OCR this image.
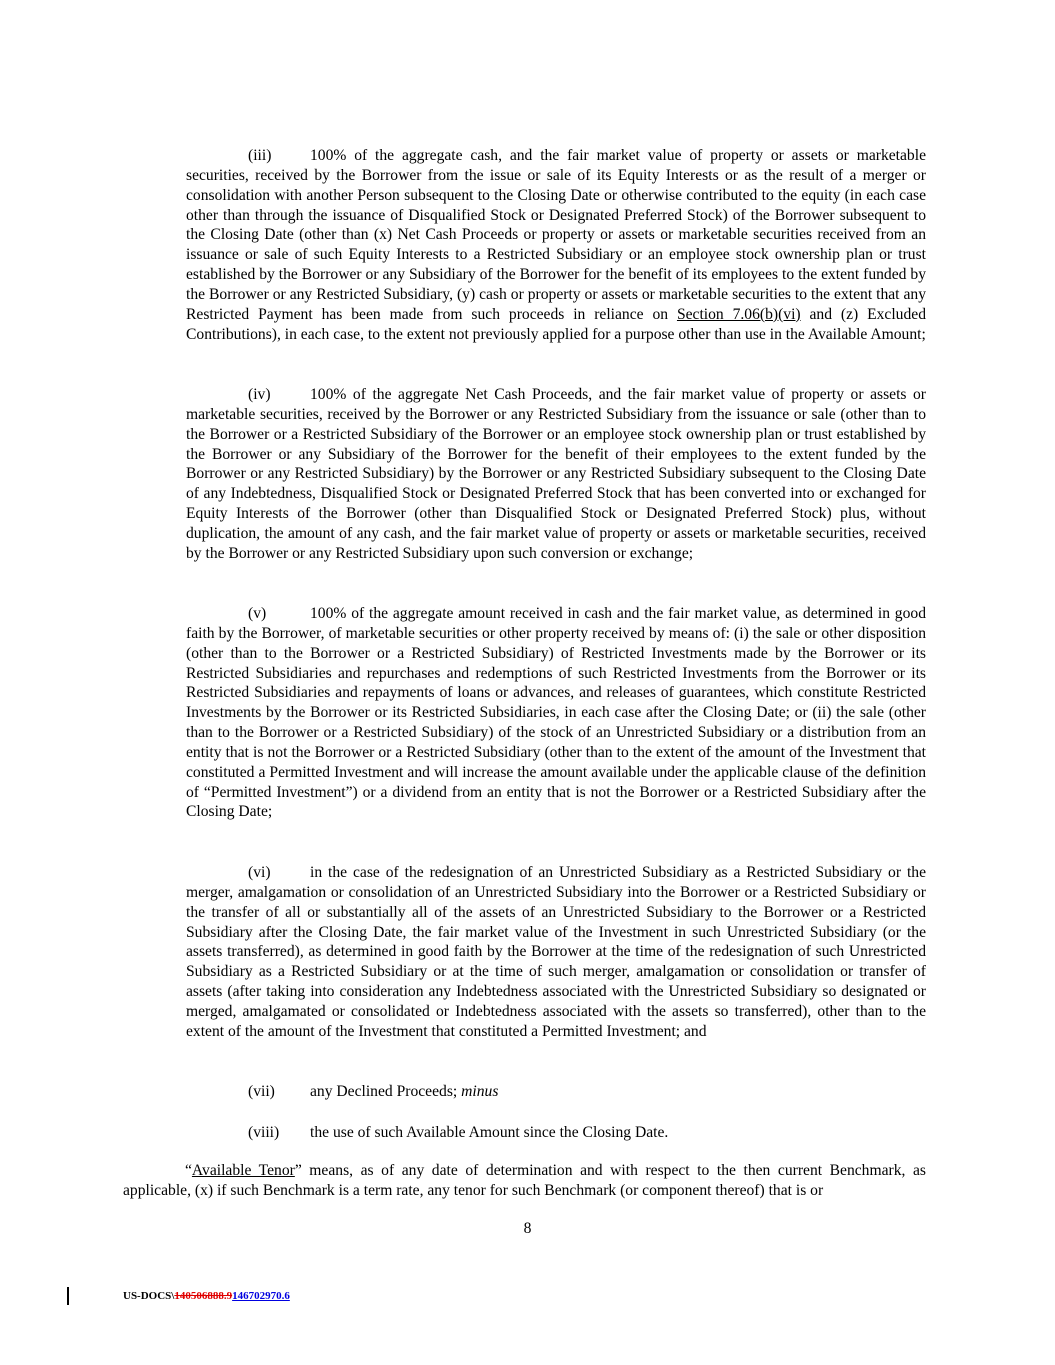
(iii) 100% of the aggregate cash, and the fair market value of property or assets or marketable securities, received by the Borrower from the issue or sale of its Equity Interests or as the result of a merger or consolidation with another Person subsequent to the Closing Date or otherwise contributed to the equity (in each case other than through the issuance of Disqualified Stock or Designated Preferred Stock) of the Borrower subsequent to the Closing Date (other than (x) Net Cash Proceeds or property or assets or marketable securities received from an issuance or sale of such Equity Interests to a Restricted Subsidiary or an employee stock ownership plan or trust established by the Borrower or any Subsidiary of the Borrower for the benefit of its employees to the extent funded by the Borrower or any Restricted Subsidiary, (y) cash or property or assets or marketable securities to the extent that any Restricted Payment has been made from such proceeds in reliance on Section 7.06(b)(vi) and (z) Excluded Contributions), in each case, to the extent not previously applied for a purpose other than use in the Available Amount;

(iv)	100% of the aggregate Net Cash Proceeds, and the fair market value of property or assets or marketable securities, received by the Borrower or any Restricted Subsidiary from the issuance or sale (other than to the Borrower or a Restricted Subsidiary of the Borrower or an employee stock ownership plan or trust established by the Borrower or any Subsidiary of the Borrower for the benefit of their employees to the extent funded by the Borrower or any Restricted Subsidiary) by the Borrower or any Restricted Subsidiary subsequent to the Closing Date of any Indebtedness, Disqualified Stock or Designated Preferred Stock that has been converted into or exchanged for Equity Interests of the Borrower (other than Disqualified Stock or Designated Preferred Stock) plus, without duplication, the amount of any cash, and the fair market value of property or assets or marketable securities, received by the Borrower or any Restricted Subsidiary upon such conversion or exchange;

(v)	100% of the aggregate amount received in cash and the fair market value, as determined in good faith by the Borrower, of marketable securities or other property received by means of: (i) the sale or other disposition (other than to the Borrower or a Restricted Subsidiary) of Restricted Investments made by the Borrower or its Restricted Subsidiaries and repurchases and redemptions of such Restricted Investments from the Borrower or its Restricted Subsidiaries and repayments of loans or advances, and releases of guarantees, which constitute Restricted Investments by the Borrower or its Restricted Subsidiaries, in each case after the Closing Date; or (ii) the sale (other than to the Borrower or a Restricted Subsidiary) of the stock of an Unrestricted Subsidiary or a distribution from an entity that is not the Borrower or a Restricted Subsidiary (other than to the extent of the amount of the Investment that constituted a Permitted Investment and will increase the amount available under the applicable clause of the definition of “Permitted Investment”) or a dividend from an entity that is not the Borrower or a Restricted Subsidiary after the Closing Date;

(vi)	in the case of the redesignation of an Unrestricted Subsidiary as a Restricted Subsidiary or the merger, amalgamation or consolidation of an Unrestricted Subsidiary into the Borrower or a Restricted Subsidiary or the transfer of all or substantially all of the assets of an Unrestricted Subsidiary to the Borrower or a Restricted Subsidiary after the Closing Date, the fair market value of the Investment in such Unrestricted Subsidiary (or the assets transferred), as determined in good faith by the Borrower at the time of the redesignation of such Unrestricted Subsidiary as a Restricted Subsidiary or at the time of such merger, amalgamation or consolidation or transfer of assets (after taking into consideration any Indebtedness associated with the Unrestricted Subsidiary so designated or merged, amalgamated or consolidated or Indebtedness associated with the assets so transferred), other than to the extent of the amount of the Investment that constituted a Permitted Investment; and

(vii) any Declined Proceeds; minus

(viii) the use of such Available Amount since the Closing Date.

“Available Tenor” means, as of any date of determination and with respect to the then current Benchmark, as applicable, (x) if such Benchmark is a term rate, any tenor for such Benchmark (or component thereof) that is or

8
US-DOCS\140506888.9146702970.6
